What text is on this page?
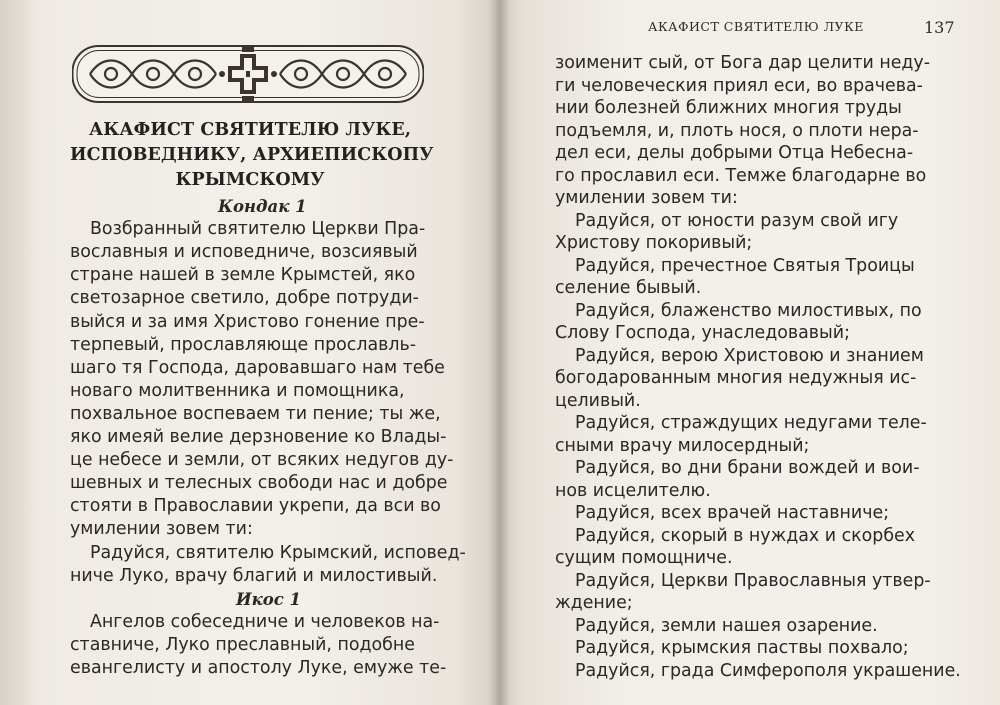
АКАФИСТ СВЯТИТЕЛЮ ЛУКЕ,
ИСПОВЕДНИКУ, АРХИЕПИСКОПУ
КРЫМСКОМУ
Кондак 1
Возбранный святителю Церкви Пра-
вославныя и исповедниче, возсиявый
стране нашей в земле Крымстей, яко
светозарное светило, добре потруди-
выйся и за имя Христово гонение пре-
терпевый, прославляюще прославль-
шаго тя Господа, даровавшаго нам тебе
новаго молитвенника и помощника,
похвальное воспеваем ти пение; ты же,
яко имеяй велие дерзновение ко Влады-
це небесе и земли, от всяких недугов ду-
шевных и телесных свободи нас и добре
стояти в Православии укрепи, да вси во
умилении зовем ти:
Радуйся, святителю Крымский, исповед-
ниче Луко, врачу благий и милостивый.
Икос 1
Ангелов собеседниче и человеков на-
ставниче, Луко преславный, подобне
евангелисту и апостолу Луке, емуже те-
АКАФИСТ СВЯТИТЕЛЮ ЛУКЕ	137
зоименит сый, от Бога дар целити неду-
ги человеческия приял еси, во врачева-
нии болезней ближних многия труды
подъемля, и, плоть нося, о плоти нера-
дел еси, делы добрыми Отца Небесна-
го прославил еси. Темже благодарне во
умилении зовем ти:
Радуйся, от юности разум свой игу
Христову покоривый;
Радуйся, пречестное Святыя Троицы
селение бывый.
Радуйся, блаженство милостивых, по
Слову Господа, унаследовавый;
Радуйся, верою Христовою и знанием
богодарованным многия недужныя ис-
целивый.
Радуйся, страждущих недугами теле-
сными врачу милосердный;
Радуйся, во дни брани вождей и вои-
нов исцелителю.
Радуйся, всех врачей наставниче;
Радуйся, скорый в нуждах и скорбех
сущим помощниче.
Радуйся, Церкви Православныя утвер-
ждение;
Радуйся, земли нашея озарение.
Радуйся, крымския паствы похвало;
Радуйся, града Симферополя украшение.
